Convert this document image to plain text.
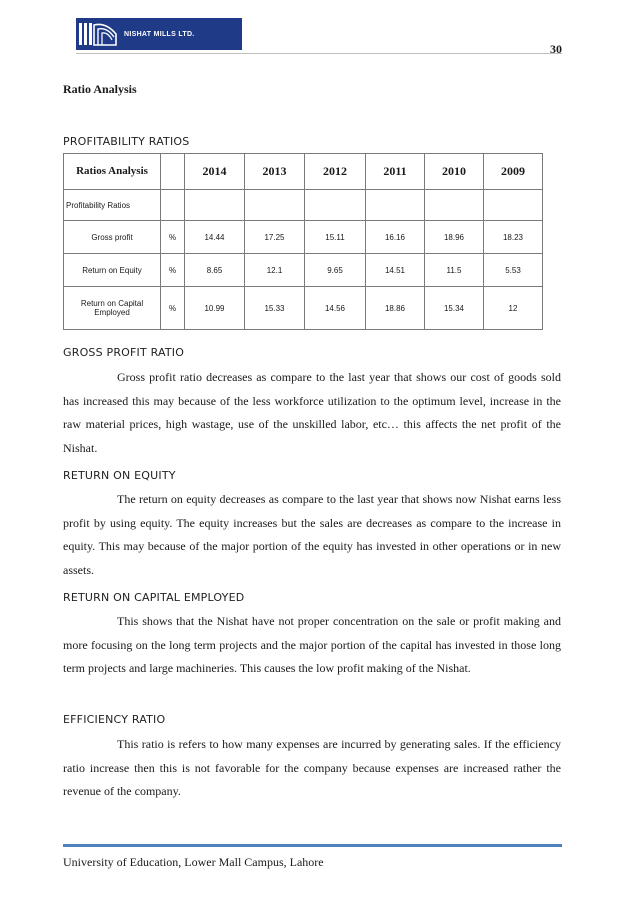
NISHAT MILLS LTD.
30
Ratio Analysis
PROFITABILITY RATIOS
Ratios Analysis		2014	2013	2012	2011	2010	2009
Profitability Ratios							
Gross profit	%	14.44	17.25	15.11	16.16	18.96	18.23
Return on Equity	%	8.65	12.1	9.65	14.51	11.5	5.53
Return on Capital Employed	%	10.99	15.33	14.56	18.86	15.34	12
GROSS PROFIT RATIO

Gross profit ratio decreases as compare to the last year that shows our cost of goods sold has increased this may because of the less workforce utilization to the optimum level, increase in the raw material prices, high wastage, use of the unskilled labor, etc… this affects the net profit of the Nishat.

RETURN ON EQUITY

The return on equity decreases as compare to the last year that shows now Nishat earns less profit by using equity. The equity increases but the sales are decreases as compare to the increase in equity. This may because of the major portion of the equity has invested in other operations or in new assets.

RETURN ON CAPITAL EMPLOYED

This shows that the Nishat have not proper concentration on the sale or profit making and more focusing on the long term projects and the major portion of the capital has invested in those long term projects and large machineries. This causes the low profit making of the Nishat.

EFFICIENCY RATIO

This ratio is refers to how many expenses are incurred by generating sales. If the efficiency ratio increase then this is not favorable for the company because expenses are increased rather the revenue of the company.

University of Education, Lower Mall Campus, Lahore
